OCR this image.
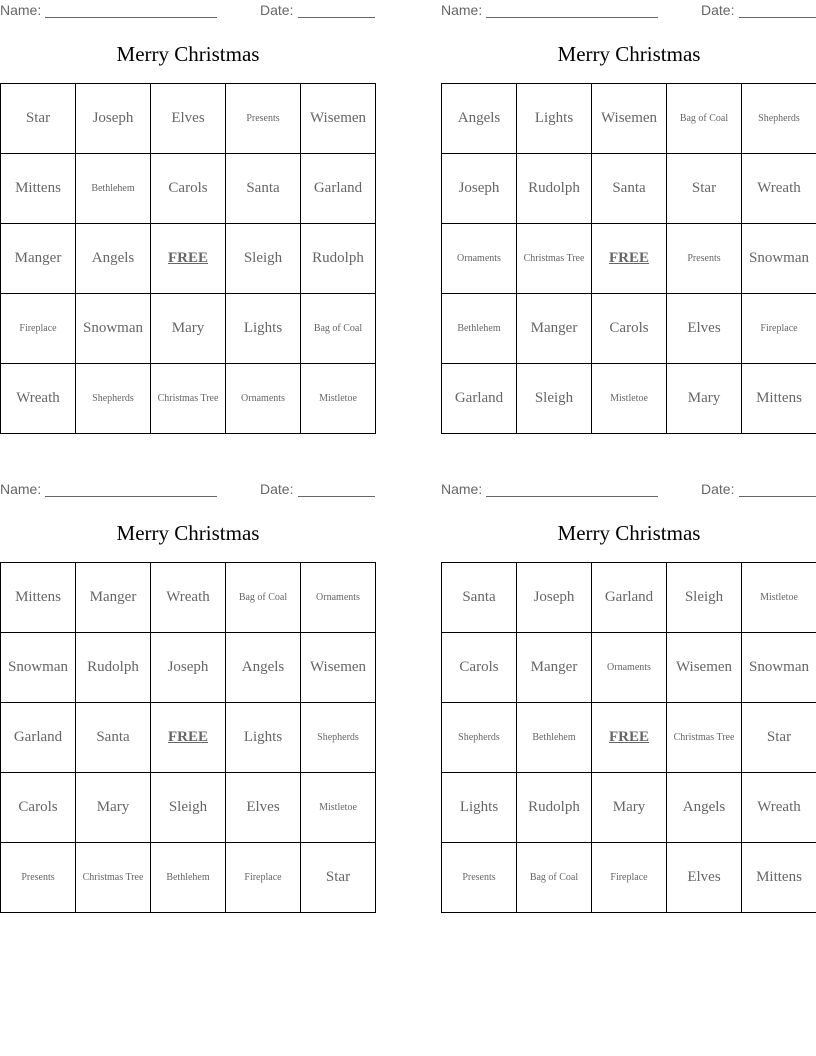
Name:	Date:
Merry Christmas
Star	Joseph	Elves	Presents	Wisemen
Mittens	Bethlehem	Carols	Santa	Garland
Manger	Angels	FREE	Sleigh	Rudolph
Fireplace	Snowman	Mary	Lights	Bag of Coal
Wreath	Shepherds	Christmas Tree	Ornaments	Mistletoe
Name:	Date:
Merry Christmas
Angels	Lights	Wisemen	Bag of Coal	Shepherds
Joseph	Rudolph	Santa	Star	Wreath
Ornaments	Christmas Tree	FREE	Presents	Snowman
Bethlehem	Manger	Carols	Elves	Fireplace
Garland	Sleigh	Mistletoe	Mary	Mittens
Name:	Date:
Merry Christmas
Mittens	Manger	Wreath	Bag of Coal	Ornaments
Snowman	Rudolph	Joseph	Angels	Wisemen
Garland	Santa	FREE	Lights	Shepherds
Carols	Mary	Sleigh	Elves	Mistletoe
Presents	Christmas Tree	Bethlehem	Fireplace	Star
Name:	Date:
Merry Christmas
Santa	Joseph	Garland	Sleigh	Mistletoe
Carols	Manger	Ornaments	Wisemen	Snowman
Shepherds	Bethlehem	FREE	Christmas Tree	Star
Lights	Rudolph	Mary	Angels	Wreath
Presents	Bag of Coal	Fireplace	Elves	Mittens
